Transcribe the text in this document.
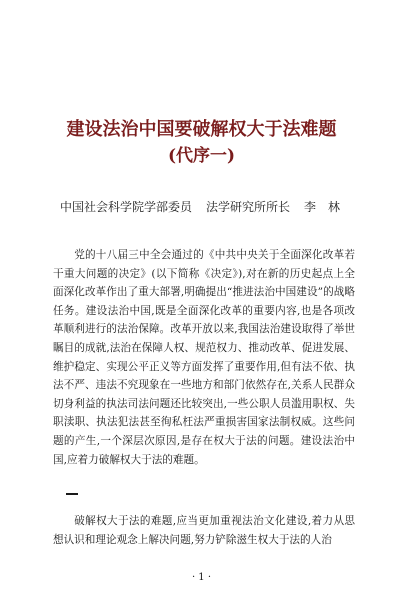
建设法治中国要破解权大于法难题
(代序一)
中国社会科学院学部委员 法学研究所所长 李　林

党的十八届三中全会通过的《中共中央关于全面深化改革若干重大问题的决定》(以下简称《决定》),对在新的历史起点上全面深化改革作出了重大部署,明确提出“推进法治中国建设”的战略任务。建设法治中国,既是全面深化改革的重要内容,也是各项改革顺利进行的法治保障。改革开放以来,我国法治建设取得了举世瞩目的成就,法治在保障人权、规范权力、推动改革、促进发展、维护稳定、实现公平正义等方面发挥了重要作用,但有法不依、执法不严、违法不究现象在一些地方和部门依然存在,关系人民群众切身利益的执法司法问题还比较突出,一些公职人员滥用职权、失职渎职、执法犯法甚至徇私枉法严重损害国家法制权威。这些问题的产生,一个深层次原因,是存在权大于法的问题。建设法治中国,应着力破解权大于法的难题。

破解权大于法的难题,应当更加重视法治文化建设,着力从思想认识和理论观念上解决问题,努力铲除滋生权大于法的人治

· 1 ·
